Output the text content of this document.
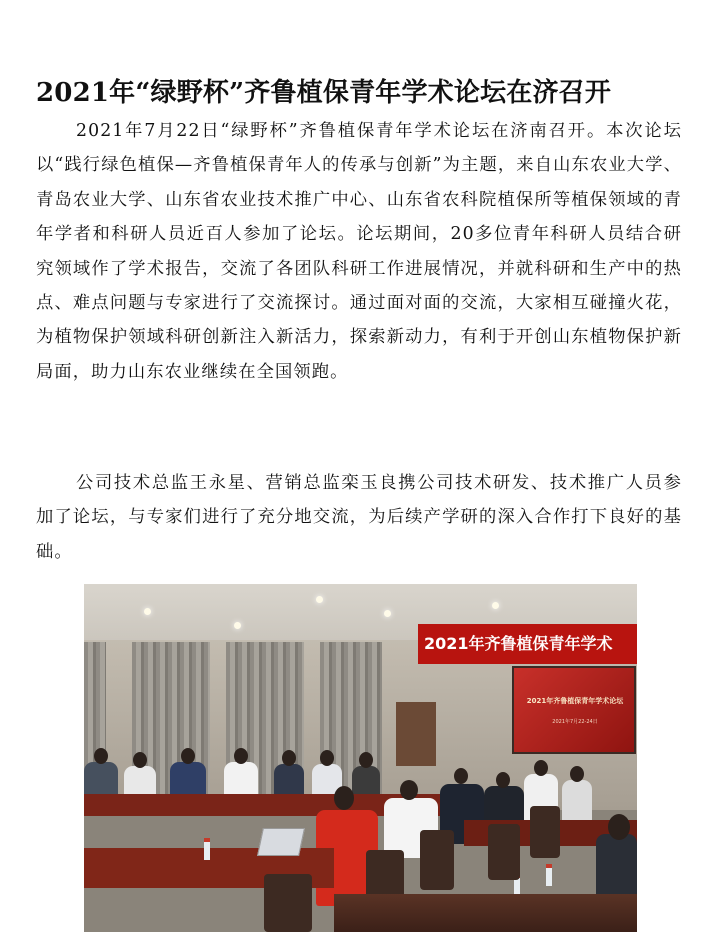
2021年“绿野杯”齐鲁植保青年学术论坛在济召开

2021年7月22日“绿野杯”齐鲁植保青年学术论坛在济南召开。本次论坛以“践行绿色植保—齐鲁植保青年人的传承与创新”为主题，来自山东农业大学、青岛农业大学、山东省农业技术推广中心、山东省农科院植保所等植保领域的青年学者和科研人员近百人参加了论坛。论坛期间，20多位青年科研人员结合研究领域作了学术报告，交流了各团队科研工作进展情况，并就科研和生产中的热点、难点问题与专家进行了交流探讨。通过面对面的交流，大家相互碰撞火花，为植物保护领域科研创新注入新活力，探索新动力，有利于开创山东植物保护新局面，助力山东农业继续在全国领跑。

公司技术总监王永星、营销总监栾玉良携公司技术研发、技术推广人员参加了论坛，与专家们进行了充分地交流，为后续产学研的深入合作打下良好的基础。

2021年齐鲁植保青年学术
2021年齐鲁植保青年学术论坛
2021年7月22-24日
